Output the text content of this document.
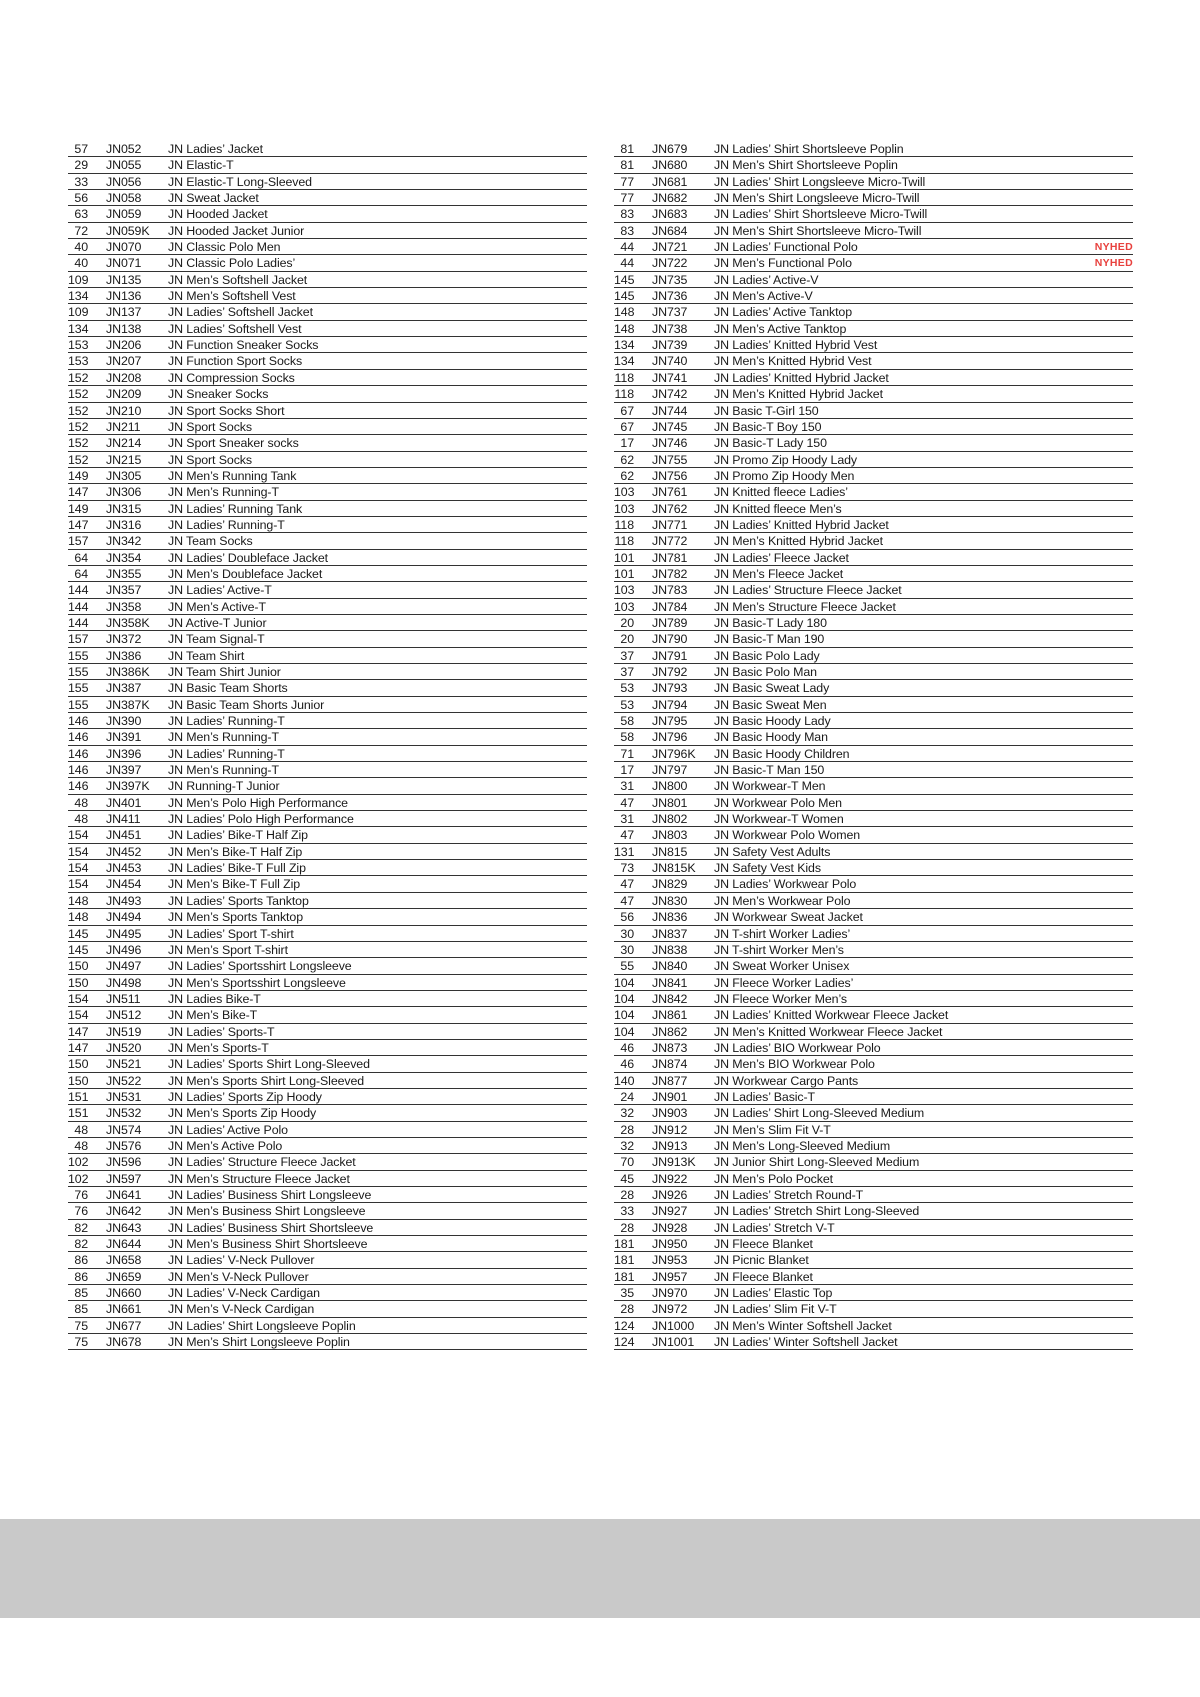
57 JN052 JN Ladies’ Jacket
29 JN055 JN Elastic-T
33 JN056 JN Elastic-T Long-Sleeved
56 JN058 JN Sweat Jacket
63 JN059 JN Hooded Jacket
72 JN059K JN Hooded Jacket Junior
40 JN070 JN Classic Polo Men
40 JN071 JN Classic Polo Ladies’
109 JN135 JN Men’s Softshell Jacket
134 JN136 JN Men’s Softshell Vest
109 JN137 JN Ladies’ Softshell Jacket
134 JN138 JN Ladies’ Softshell Vest
153 JN206 JN Function Sneaker Socks
153 JN207 JN Function Sport Socks
152 JN208 JN Compression Socks
152 JN209 JN Sneaker Socks
152 JN210 JN Sport Socks Short
152 JN211 JN Sport Socks
152 JN214 JN Sport Sneaker socks
152 JN215 JN Sport Socks
149 JN305 JN Men’s Running Tank
147 JN306 JN Men’s Running-T
149 JN315 JN Ladies’ Running Tank
147 JN316 JN Ladies’ Running-T
157 JN342 JN Team Socks
64 JN354 JN Ladies’ Doubleface Jacket
64 JN355 JN Men’s Doubleface Jacket
144 JN357 JN Ladies’ Active-T
144 JN358 JN Men’s Active-T
144 JN358K JN Active-T Junior
157 JN372 JN Team Signal-T
155 JN386 JN Team Shirt
155 JN386K JN Team Shirt Junior
155 JN387 JN Basic Team Shorts
155 JN387K JN Basic Team Shorts Junior
146 JN390 JN Ladies’ Running-T
146 JN391 JN Men’s Running-T
146 JN396 JN Ladies’ Running-T
146 JN397 JN Men’s Running-T
146 JN397K JN Running-T Junior
48 JN401 JN Men’s Polo High Performance
48 JN411 JN Ladies’ Polo High Performance
154 JN451 JN Ladies’ Bike-T Half Zip
154 JN452 JN Men’s Bike-T Half Zip
154 JN453 JN Ladies’ Bike-T Full Zip
154 JN454 JN Men’s Bike-T Full Zip
148 JN493 JN Ladies’ Sports Tanktop
148 JN494 JN Men’s Sports Tanktop
145 JN495 JN Ladies’ Sport T-shirt
145 JN496 JN Men’s Sport T-shirt
150 JN497 JN Ladies’ Sportsshirt Longsleeve
150 JN498 JN Men’s Sportsshirt Longsleeve
154 JN511 JN Ladies Bike-T
154 JN512 JN Men’s Bike-T
147 JN519 JN Ladies’ Sports-T
147 JN520 JN Men’s Sports-T
150 JN521 JN Ladies’ Sports Shirt Long-Sleeved
150 JN522 JN Men’s Sports Shirt Long-Sleeved
151 JN531 JN Ladies’ Sports Zip Hoody
151 JN532 JN Men’s Sports Zip Hoody
48 JN574 JN Ladies’ Active Polo
48 JN576 JN Men’s Active Polo
102 JN596 JN Ladies’ Structure Fleece Jacket
102 JN597 JN Men’s Structure Fleece Jacket
76 JN641 JN Ladies’ Business Shirt Longsleeve
76 JN642 JN Men’s Business Shirt Longsleeve
82 JN643 JN Ladies’ Business Shirt Shortsleeve
82 JN644 JN Men’s Business Shirt Shortsleeve
86 JN658 JN Ladies’ V-Neck Pullover
86 JN659 JN Men’s V-Neck Pullover
85 JN660 JN Ladies’ V-Neck Cardigan
85 JN661 JN Men’s V-Neck Cardigan
75 JN677 JN Ladies’ Shirt Longsleeve Poplin
75 JN678 JN Men’s Shirt Longsleeve Poplin
81 JN679 JN Ladies’ Shirt Shortsleeve Poplin
81 JN680 JN Men’s Shirt Shortsleeve Poplin
77 JN681 JN Ladies’ Shirt Longsleeve Micro-Twill
77 JN682 JN Men’s Shirt Longsleeve Micro-Twill
83 JN683 JN Ladies’ Shirt Shortsleeve Micro-Twill
83 JN684 JN Men’s Shirt Shortsleeve Micro-Twill
44 JN721 JN Ladies’ Functional Polo	NYHED
44 JN722 JN Men’s Functional Polo	NYHED
145 JN735 JN Ladies’ Active-V
145 JN736 JN Men’s Active-V
148 JN737 JN Ladies’ Active Tanktop
148 JN738 JN Men’s Active Tanktop
134 JN739 JN Ladies’ Knitted Hybrid Vest
134 JN740 JN Men’s Knitted Hybrid Vest
118 JN741 JN Ladies’ Knitted Hybrid Jacket
118 JN742 JN Men’s Knitted Hybrid Jacket
67 JN744 JN Basic T-Girl 150
67 JN745 JN Basic-T Boy 150
17 JN746 JN Basic-T Lady 150
62 JN755 JN Promo Zip Hoody Lady
62 JN756 JN Promo Zip Hoody Men
103 JN761 JN Knitted fleece Ladies’
103 JN762 JN Knitted fleece Men’s
118 JN771 JN Ladies’ Knitted Hybrid Jacket
118 JN772 JN Men’s Knitted Hybrid Jacket
101 JN781 JN Ladies’ Fleece Jacket
101 JN782 JN Men’s Fleece Jacket
103 JN783 JN Ladies’ Structure Fleece Jacket
103 JN784 JN Men’s Structure Fleece Jacket
20 JN789 JN Basic-T Lady 180
20 JN790 JN Basic-T Man 190
37 JN791 JN Basic Polo Lady
37 JN792 JN Basic Polo Man
53 JN793 JN Basic Sweat Lady
53 JN794 JN Basic Sweat Men
58 JN795 JN Basic Hoody Lady
58 JN796 JN Basic Hoody Man
71 JN796K JN Basic Hoody Children
17 JN797 JN Basic-T Man 150
31 JN800 JN Workwear-T Men
47 JN801 JN Workwear Polo Men
31 JN802 JN Workwear-T Women
47 JN803 JN Workwear Polo Women
131 JN815 JN Safety Vest Adults
73 JN815K JN Safety Vest Kids
47 JN829 JN Ladies’ Workwear Polo
47 JN830 JN Men’s Workwear Polo
56 JN836 JN Workwear Sweat Jacket
30 JN837 JN T-shirt Worker Ladies’
30 JN838 JN T-shirt Worker Men’s
55 JN840 JN Sweat Worker Unisex
104 JN841 JN Fleece Worker Ladies’
104 JN842 JN Fleece Worker Men’s
104 JN861 JN Ladies’ Knitted Workwear Fleece Jacket
104 JN862 JN Men’s Knitted Workwear Fleece Jacket
46 JN873 JN Ladies’ BIO Workwear Polo
46 JN874 JN Men’s BIO Workwear Polo
140 JN877 JN Workwear Cargo Pants
24 JN901 JN Ladies’ Basic-T
32 JN903 JN Ladies’ Shirt Long-Sleeved Medium
28 JN912 JN Men’s Slim Fit V-T
32 JN913 JN Men’s Long-Sleeved Medium
70 JN913K JN Junior Shirt Long-Sleeved Medium
45 JN922 JN Men’s Polo Pocket
28 JN926 JN Ladies’ Stretch Round-T
33 JN927 JN Ladies’ Stretch Shirt Long-Sleeved
28 JN928 JN Ladies’ Stretch V-T
181 JN950 JN Fleece Blanket
181 JN953 JN Picnic Blanket
181 JN957 JN Fleece Blanket
35 JN970 JN Ladies’ Elastic Top
28 JN972 JN Ladies’ Slim Fit V-T
124 JN1000 JN Men’s Winter Softshell Jacket
124 JN1001 JN Ladies’ Winter Softshell Jacket
